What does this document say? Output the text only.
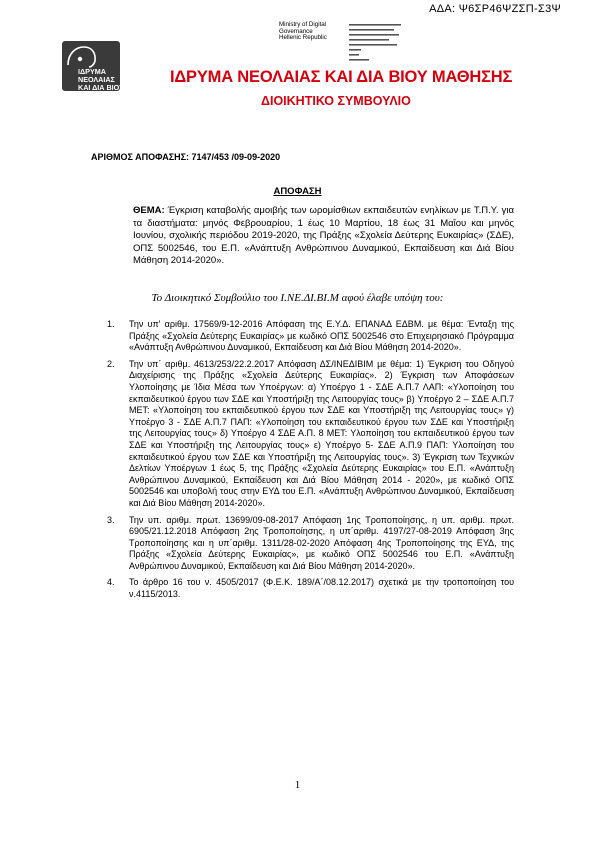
ΑΔΑ: Ψ6ΣΡ46ΨΖΣΠ-Σ3Ψ
ΙΔΡΥΜΑ
ΝΕΟΛΑΙΑΣ
ΚΑΙ ΔΙΑ ΒΙΟΥ
ΜΑΘΗΣΗΣ
Ministry of Digital
Governance
Hellenic Republic
ΙΔΡΥΜΑ ΝΕΟΛΑΙΑΣ ΚΑΙ ΔΙΑ ΒΙΟΥ ΜΑΘΗΣΗΣ
ΔΙΟΙΚΗΤΙΚΟ ΣΥΜΒΟΥΛΙΟ
ΑΡΙΘΜΟΣ ΑΠΟΦΑΣΗΣ: 7147/453 /09-09-2020
ΑΠΟΦΑΣΗ
ΘΕΜΑ: Έγκριση καταβολής αμοιβής των ωρομίσθιων εκπαιδευτών ενηλίκων με Τ.Π.Υ. για τα διαστήματα: μηνός Φεβρουαρίου, 1 έως 10 Μαρτίου, 18 έως 31 Μαΐου και μηνός Ιουνίου, σχολικής περιόδου 2019-2020, της Πράξης «Σχολεία Δεύτερης Ευκαιρίας» (ΣΔΕ), ΟΠΣ 5002546, του Ε.Π. «Ανάπτυξη Ανθρώπινου Δυναμικού, Εκπαίδευση και Διά Βίου Μάθηση 2014-2020».
Το Διοικητικό Συμβούλιο του Ι.ΝΕ.ΔΙ.ΒΙ.Μ αφού έλαβε υπόψη του:
1. Την υπ' αριθμ. 17569/9-12-2016 Απόφαση της Ε.Υ.Δ. ΕΠΑΝΑΔ ΕΔΒΜ. με θέμα: Ένταξη της Πράξης «Σχολεία Δεύτερης Ευκαιρίας» με κωδικό ΟΠΣ 5002546 στο Επιχειρησιακό Πρόγραμμα «Ανάπτυξη Ανθρώπινου Δυναμικού, Εκπαίδευση και Διά Βίου Μάθηση 2014-2020».
2. Την υπ΄ αριθμ. 4613/253/22.2.2017 Απόφαση ΔΣ/ΙΝΕΔΙΒΙΜ με θέμα: 1) Έγκριση του Οδηγού Διαχείρισης της Πράξης «Σχολεία Δεύτερης Ευκαιρίας». 2) Έγκριση των Αποφάσεων Υλοποίησης με Ίδια Μέσα των Υποέργων: α) Υποέργο 1 - ΣΔΕ Α.Π.7 ΛΑΠ: «Υλοποίηση του εκπαιδευτικού έργου των ΣΔΕ και Υποστήριξη της Λειτουργίας τους» β) Υποέργο 2 – ΣΔΕ Α.Π.7 ΜΕΤ: «Υλοποίηση του εκπαιδευτικού έργου των ΣΔΕ και Υποστήριξη της Λειτουργίας τους» γ) Υποέργο 3 - ΣΔΕ Α.Π.7 ΠΑΠ: «Υλοποίηση του εκπαιδευτικού έργου των ΣΔΕ και Υποστήριξη της Λειτουργίας τους» δ) Υποέργο 4 ΣΔΕ Α.Π. 8 ΜΕΤ: Υλοποίηση του εκπαιδευτικού έργου των ΣΔΕ και Υποστήριξη της Λειτουργίας τους» ε) Υποέργο 5- ΣΔΕ Α.Π.9 ΠΑΠ: Υλοποίηση του εκπαιδευτικού έργου των ΣΔΕ και Υποστήριξη της Λειτουργίας τους». 3) Έγκριση των Τεχνικών Δελτίων Υποέργων 1 έως 5, της Πράξης «Σχολεία Δεύτερης Ευκαιρίας» του Ε.Π. «Ανάπτυξη Ανθρώπινου Δυναμικού, Εκπαίδευση και Διά Βίου Μάθηση 2014 - 2020», με κωδικό ΟΠΣ 5002546 και υποβολή τους στην ΕΥΔ του Ε.Π. «Ανάπτυξη Ανθρώπινου Δυναμικού, Εκπαίδευση και Διά Βίου Μάθηση 2014-2020».
3. Την υπ. αριθμ. πρωτ. 13699/09-08-2017 Απόφαση 1ης Τροποποίησης, η υπ. αριθμ. πρωτ. 6905/21.12.2018 Απόφαση 2ης Τροποποίησης, η υπ΄αριθμ. 4197/27-08-2019 Απόφαση 3ης Τροποποίησης και η υπ΄αριθμ. 1311/28-02-2020 Απόφαση 4ης Τροποποίησης της ΕΥΔ, της Πράξης «Σχολεία Δεύτερης Ευκαιρίας», με κωδικό ΟΠΣ 5002546 του Ε.Π. «Ανάπτυξη Ανθρώπινου Δυναμικού, Εκπαίδευση και Διά Βίου Μάθηση 2014-2020».
4. Το άρθρο 16 του ν. 4505/2017 (Φ.Ε.Κ. 189/Α΄/08.12.2017) σχετικά με την τροποποίηση του ν.4115/2013.
1
